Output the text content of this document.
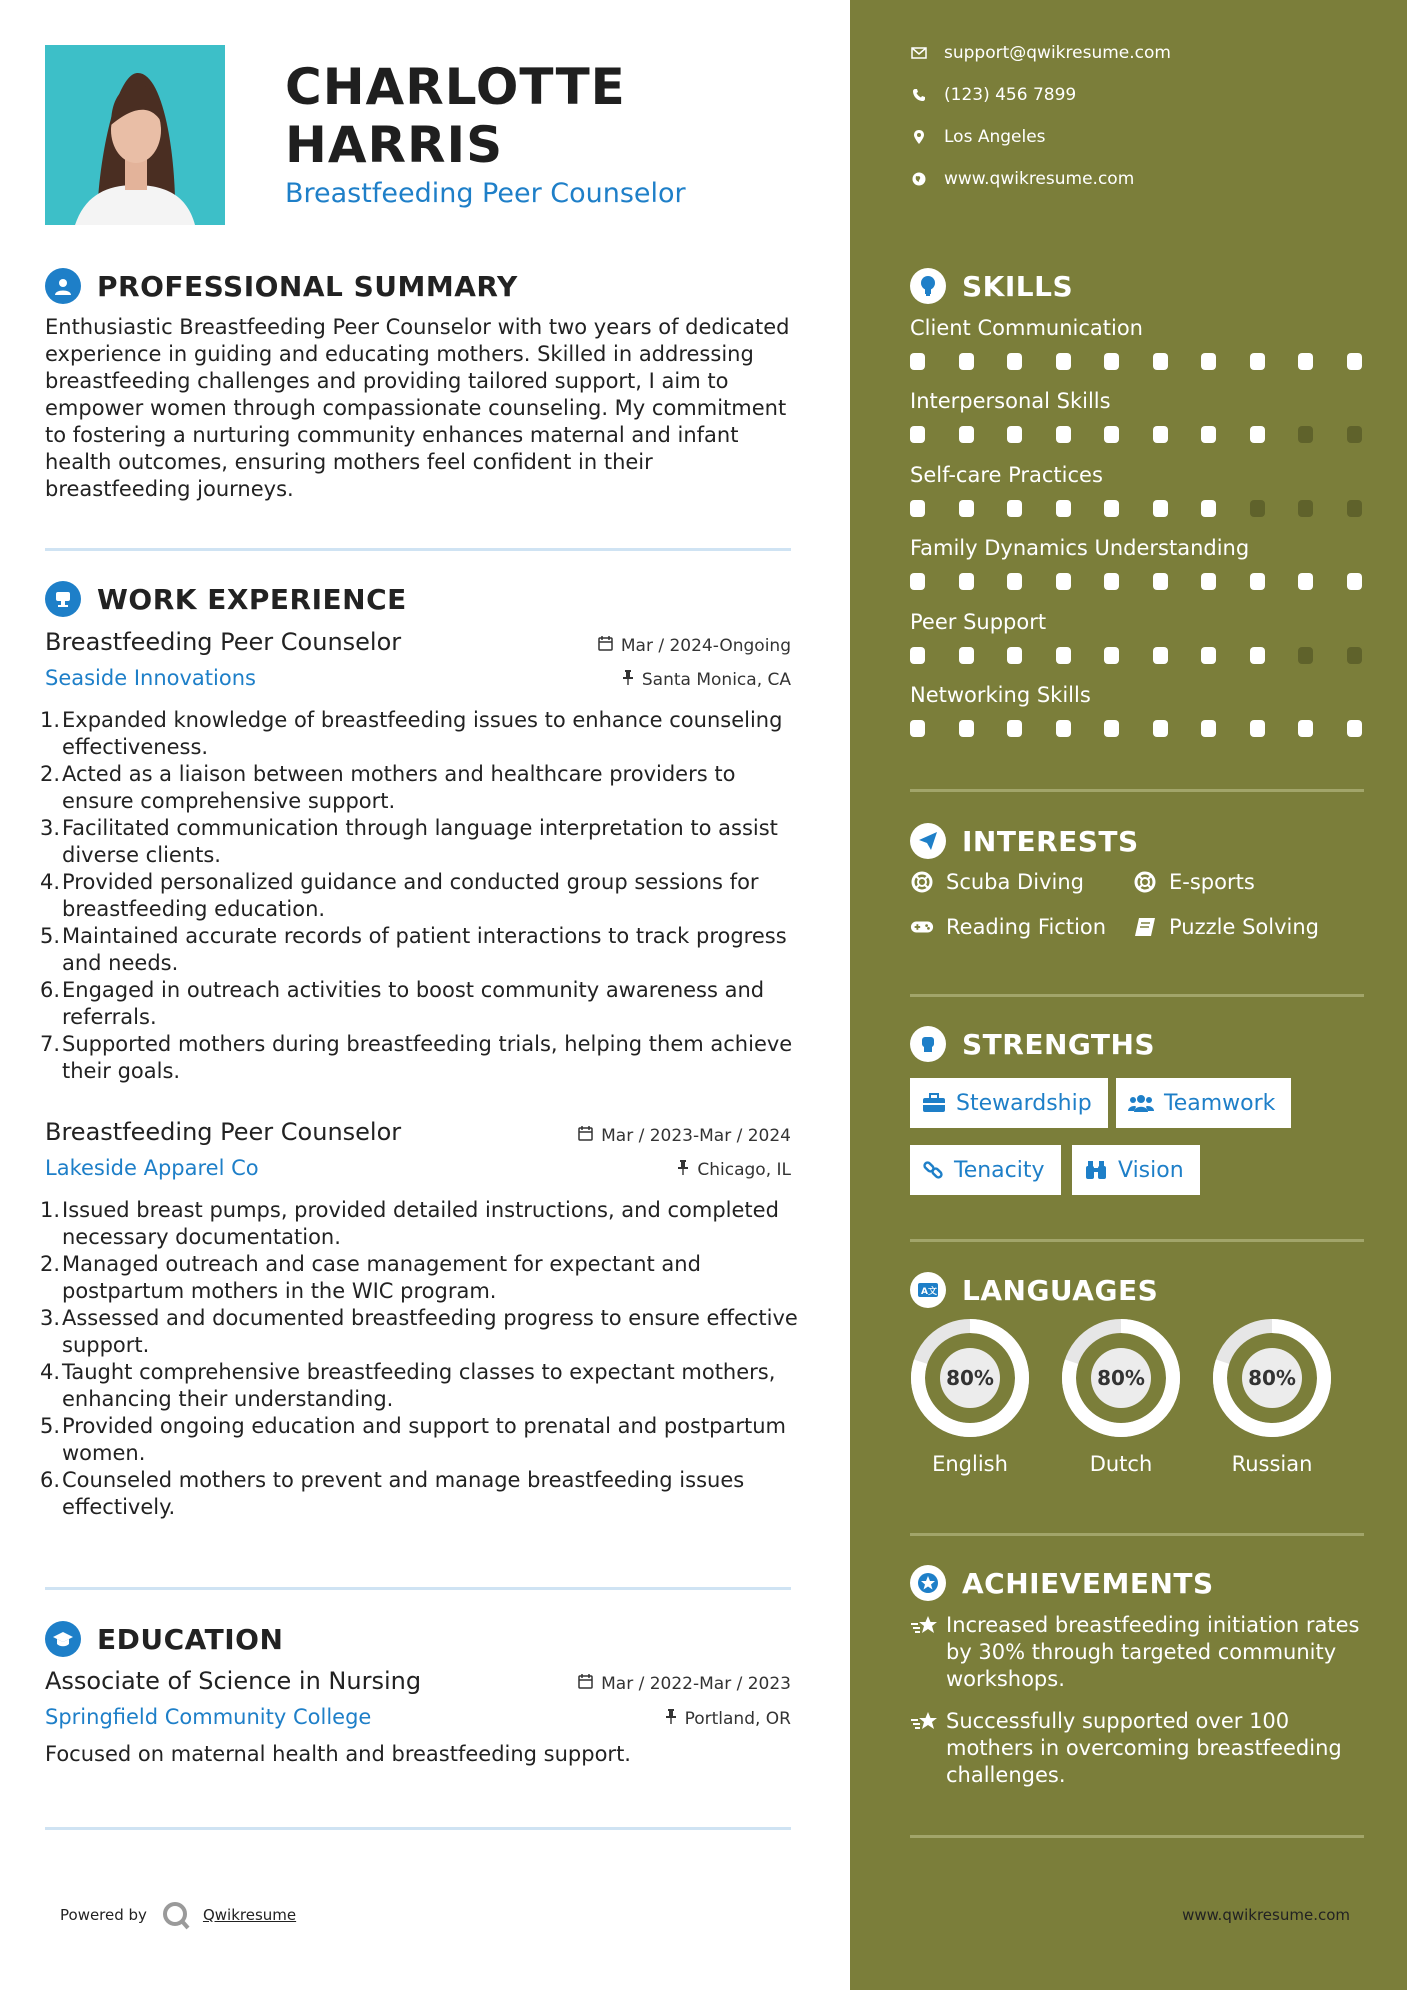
CHARLOTTE
HARRIS
Breastfeeding Peer Counselor
PROFESSIONAL SUMMARY
Enthusiastic Breastfeeding Peer Counselor with two years of dedicated experience in guiding and educating mothers. Skilled in addressing breastfeeding challenges and providing tailored support, I aim to empower women through compassionate counseling. My commitment to fostering a nurturing community enhances maternal and infant health outcomes, ensuring mothers feel confident in their breastfeeding journeys.
WORK EXPERIENCE
Breastfeeding Peer Counselor	Mar / 2024-Ongoing
Seaside Innovations	Santa Monica, CA
1. Expanded knowledge of breastfeeding issues to enhance counseling effectiveness.
2. Acted as a liaison between mothers and healthcare providers to ensure comprehensive support.
3. Facilitated communication through language interpretation to assist diverse clients.
4. Provided personalized guidance and conducted group sessions for breastfeeding education.
5. Maintained accurate records of patient interactions to track progress and needs.
6. Engaged in outreach activities to boost community awareness and referrals.
7. Supported mothers during breastfeeding trials, helping them achieve their goals.
Breastfeeding Peer Counselor	Mar / 2023-Mar / 2024
Lakeside Apparel Co	Chicago, IL
1. Issued breast pumps, provided detailed instructions, and completed necessary documentation.
2. Managed outreach and case management for expectant and postpartum mothers in the WIC program.
3. Assessed and documented breastfeeding progress to ensure effective support.
4. Taught comprehensive breastfeeding classes to expectant mothers, enhancing their understanding.
5. Provided ongoing education and support to prenatal and postpartum women.
6. Counseled mothers to prevent and manage breastfeeding issues effectively.
EDUCATION
Associate of Science in Nursing	Mar / 2022-Mar / 2023
Springfield Community College	Portland, OR
Focused on maternal health and breastfeeding support.
Powered by	Qwikresume
support@qwikresume.com
(123) 456 7899
Los Angeles
www.qwikresume.com
SKILLS
Client Communication
Interpersonal Skills
Self-care Practices
Family Dynamics Understanding
Peer Support
Networking Skills
INTERESTS
Scuba Diving	E-sports
Reading Fiction	Puzzle Solving
STRENGTHS
Stewardship	Teamwork
Tenacity	Vision
A文 LANGUAGES
80%
English
80%
Dutch
80%
Russian
ACHIEVEMENTS
Increased breastfeeding initiation rates by 30% through targeted community workshops.
Successfully supported over 100 mothers in overcoming breastfeeding challenges.
www.qwikresume.com
